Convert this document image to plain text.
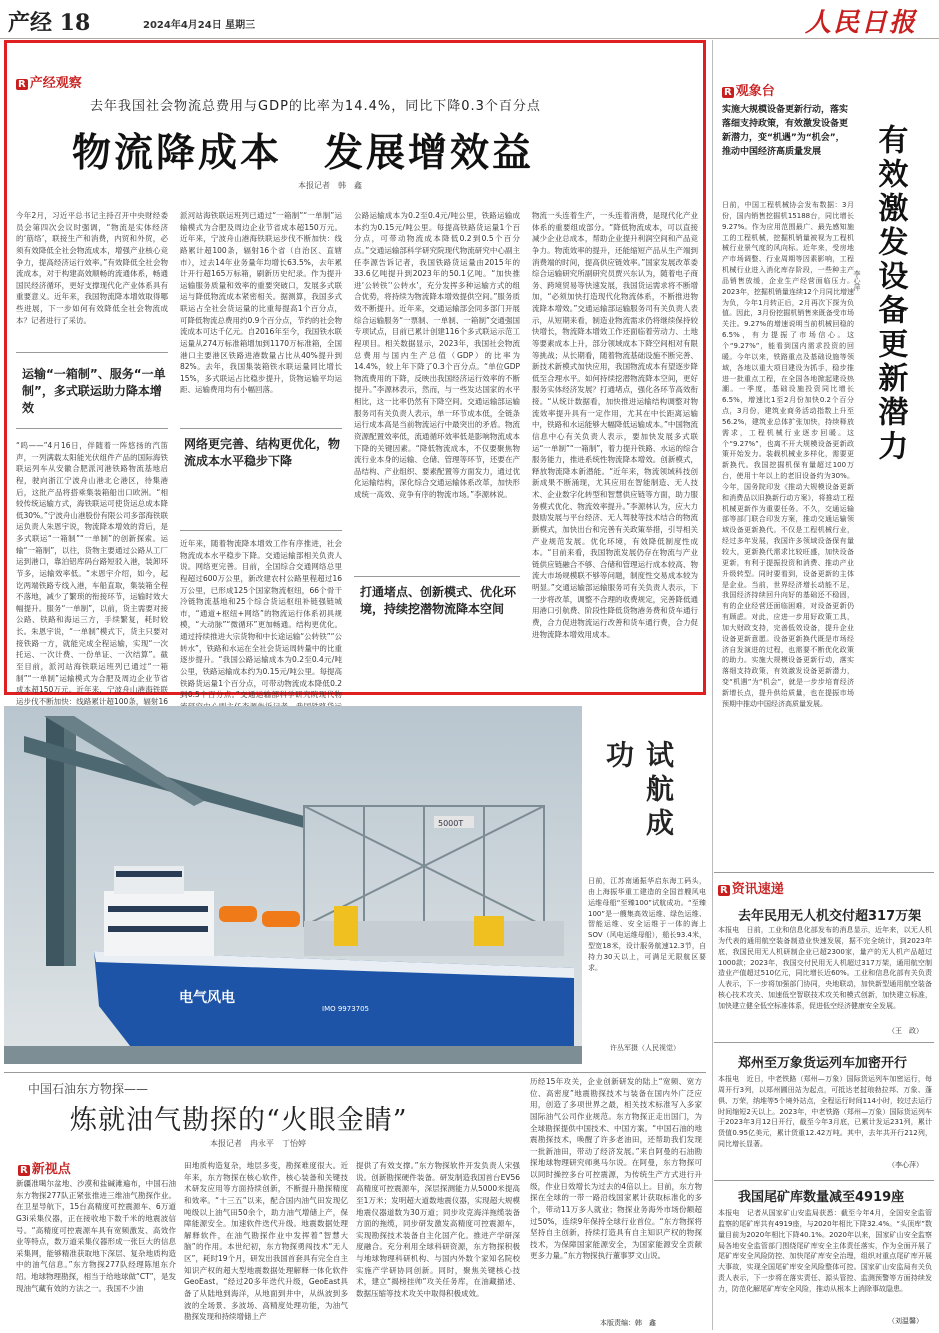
产经 18	2024年4月24日 星期三	人民日报
R 产经观察
去年我国社会物流总费用与GDP的比率为14.4%，同比下降0.3个百分点
物流降成本　发展增效益
本报记者　韩　鑫
今年2月，习近平总书记主持召开中央财经委员会第四次会议时强调，“物流是实体经济的‘筋络’，联接生产和消费，内贸和外贸，必须有效降低全社会物流成本，增强产业核心竞争力，提高经济运行效率。”有效降低全社会物流成本，对于构建高效顺畅的流通体系，畅通国民经济循环，更好支撑现代化产业体系具有重要意义。近年来，我国物流降本增效取得哪些进展，下一步如何有效降低全社会物流成本？记者进行了采访。
运输“一箱制”、服务“一单制”，多式联运助力降本增效
“呜——”4月16日，伴随着一阵悠扬的汽笛声，一列满载太阳能光伏组件产品的国际海铁联运列车从安徽合肥派河港铁路物流基地启程，驶向浙江宁波舟山港北仑港区，待集港后，这批产品将搭乘集装箱船出口欧洲。“相较传统运输方式，海铁联运可使货运总成本降低30%。”宁波舟山港股份有限公司多部海铁联运负责人朱恩宇说，物流降本增效的背后，是多式联运“一箱制”“一单制”的创新探索。运输“一箱制”，以往，货物主要通过公路从工厂运到港口，靠泊铝库码台路短驳入港，装卸环节多，运输效率低。“未恩宇介绍，如今，起讫两端铁路专线入港，车船直取，集装箱全程不落地，减少了繁琐的衔接环节，运输时效大幅提升。服务“一单制”，以前，货主需要对接公路、铁路和海运三方，手续繁复，耗时较长。朱恩宇说，“一单制”模式下，货主只要对接铁路一方，就能完成全程运输，实现“一次托运、一次计费、一份单证、一次结算”。截至目前，派河站海铁联运班列已通过“一箱制”“一单制”运输模式为合肥及周边企业节省成本超150万元。近年来，宁波舟山港海铁联运步伐不断加快：线路累计超100条，辐射16
派河站海铁联运班列已通过“一箱制”“一单制”运输模式为合肥及周边企业节省成本超150万元。近年来，宁波舟山港海铁联运步伐不断加快：线路累计超100条，辐射16个省（自治区、直辖市），过去14年业务量年均增长63.5%，去年累计开行超165万标箱，刷新历史纪录。作为提升运输服务质量和效率的重要突破口，发展多式联运与降低物流成本紧密相关。据测算，我国多式联运占全社会货运量的比重每提高1个百分点，可降低物流总费用约0.9个百分点，节约的社会物流成本可达千亿元。自2016年至今，我国铁水联运量从274万标准箱增加到1170万标准箱，全国港口主要港区铁路进港数量占比从40%提升到82%。去年，我国集装箱铁水联运量同比增长15%，多式联运占比稳步提升，货物运输平均运距、运输费用均有小幅回落。
网络更完善、结构更优化，物流成本水平稳步下降
近年来，随着物流降本增效工作有序推进，社会物流成本水平稳步下降。交通运输部相关负责人说。网络更完善。目前，全国综合交通网络总里程超过600万公里，新改建农村公路里程超过16万公里，已形成125个国家物流枢纽，66个骨干冷链物流基地和25个综合货运枢纽补链强链城市，“通道+枢纽+网络”的物流运行体系初具规模，“大动脉”“微循环”更加畅通。结构更优化。通过持续推进大宗货物和中长途运输“公转铁”“公转水”，铁路和水运在全社会货运周转量中的比重逐步提升。“我国公路运输成本为0.2至0.4元/吨公里，铁路运输成本约为0.15元/吨公里。每提高铁路货运量1个百分点，可带动物流成本降低0.2到0.5个百分点。”交通运输部科学研究院现代物
公路运输成本为0.2至0.4元/吨公里，铁路运输成本约为0.15元/吨公里。每提高铁路货运量1个百分点，可带动物流成本降低0.2到0.5个百分点。”交通运输部科学研究院现代物流研究中心副主任李源告诉记者，我国铁路货运量由2015年的33.6亿吨提升到2023年的50.1亿吨。“加快推进‘公转铁’‘公转水’，充分发挥多种运输方式的组合优势，将持续为物流降本增效提供空间。”服务质效不断提升。近年来，交通运输部会同多部门开展综合运输服务“一票制、一单制、一箱制”交通强国专项试点，目前已累计创建116个多式联运示范工程项目。相关数据显示，2023年，我国社会物流总费用与国内生产总值（GDP）的比率为14.4%，较上年下降了0.3个百分点。“单位GDP物流费用的下降，反映出我国经济运行效率的不断提升。”李源林表示，然而，与一些发达国家的水平相比，这一比率仍然有下降空间。交通运输部运输服务司有关负责人表示，单一环节成本低，全链条运行成本高是当前物流运行中最突出的矛盾。物流资源配置效率低，流通循环效率低是影响物流成本下降的关键因素。“降低物流成本，不仅要聚焦物流行业本身的运输、仓储、管理等环节，还要在产品结构、产业组织、要素配置等方面发力，通过优化运输结构，深化综合交通运输体系改革，加快形成统一高效、竞争有序的物流市场。”李源林说。
打通堵点、创新模式、优化环境，持续挖潜物流降本空间
物流一头连着生产，一头连着消费，是现代化产业体系的重要组成部分。“降低物流成本，可以直接减少企业总成本，帮助企业提升利润空间和产品竞争力。物流效率的提升，还能缩短产品从生产端到消费端的时间，提高供应链效率。”国家发展改革委综合运输研究所副研究员贾兴东认为，随着电子商务、跨境贸易等快速发展，我国货运需求将不断增加，“必须加快打造现代化物流体系，不断推进物流降本增效。”交通运输部运输服务司有关负责人表示，从短期来看，制造业物流需求仍将继续保持较快增长，物流降本增效工作还面临着劳动力、土地等要素成本上升，部分领域成本下降空间相对有限等挑战；从长期看，随着物流基础设施不断完善、新技术新模式加快应用，我国物流成本有望逐步降低至合理水平。如何持续挖潜物流降本空间，更好服务实体经济发展？打通堵点，强化各环节高效衔接。“从统计数据看，加快推进运输结构调整对物流效率提升具有一定作用，尤其在中长距离运输中，铁路和水运能够大幅降低运输成本。”中国物流信息中心有关负责人表示，要加快发展多式联运“一单制”“一箱制”，着力提升铁路、水运的综合服务能力，推进系统性物流降本增效。创新模式，释放物流降本新潜能。“近年来，物流领域科技创新成果不断涌现，尤其应用在智能制造、无人技术、企业数字化转型和智慧供应链等方面，助力服务模式优化、物流效率提升。”李源林认为，应大力鼓励发展与平台经济、无人驾驶等技术结合的物流新模式，加快出台和完善有关政策举措，引导相关产业规范发展。优化环境，有效降低制度性成本。“目前来看，我国物流发展仍存在物流与产业链供应链融合不够、合储和管理运行成本较高、物流大市场规模联不够等问题，制度性交易成本较为明显。”交通运输部运输服务司有关负责人表示，下一步将改革，调整不合理的收费规定，完善降低通用港口引航费、阶段性降低货物港务费和货车通行费，合力促进物流运行改善和货车通行费，合力促进物流降本增效用成本。
R 观象台
实施大规模设备更新行动，落实落细支持政策，有效激发设备更新潜力，变“机遇”为“机会”，推动中国经济高质量发展	有效激发设备更新潜力
李心萍
日前，中国工程机械协会发布数据：3月份，国内销售挖掘机15188台，同比增长9.27%。作为应用范围最广、最先感知施工的工程机械，挖掘机销量被视为工程机械行业景气度的风向标。近年来，受房地产市场调整、行业周期等因素影响，工程机械行业进入消化库存阶段，一些种主产品销售放缓，企业生产经营面临压力。2023年，挖掘机销量连续12个月同比增速为负，今年1月转正后，2月再次下探为负值。因此，3月份挖掘机销售来既备受市场关注。9.27%的增速说明当前机械回稳的6.5%，有力提振了市场信心。这个“9.27%”，能看到国内需求投资的回暖。今年以来，铁路重点及基础设施等领域，各地以重大项目建设为抓手，稳步推进一批重点工程，在全国各地掀起建设热潮。一季度，基础设施投资同比增长6.5%，增速比1至2月份加快0.2个百分点，3月份，建筑业商务活动指数上升至56.2%，建筑业总体扩张加快，持续释放需求，工程机械行业逐步回暖。这个“9.27%”，也离不开大规模设备更新政策开始发力。装载机械业多样化，需要更新换代。我国挖掘机保有量超过100万台，使用十年以上的老旧设备约为30%。今年，国务院印发《推动大规模设备更新和消费品以旧换新行动方案》，将推动工程机械更新作为重要任务。不久，交通运输部等部门联合印发方案，推动交通运输领域设备更新换代。不仅是工程机械行业，经过多年发展，我国许多领域设备保有量较大，更新换代需求比较旺盛，加快设备更新，有利于提振投资和消费、推动产业升级转型。同时要看到，设备更新的主体是企业。当前，世界经济增长动能不足，我国经济持续回升向好的基础还不稳固，有的企业经营还面临困难，对设备更新仍有顾虑。对此，应进一步用好政策工具，加大财政支持，完善低效设备，提升企业设备更新意愿。设备更新换代既是市场经济自发演进的过程，也需要不断优化政策的助力。实施大规模设备更新行动，落实落细支持政策，有效激发设备更新潜力，变“机遇”为“机会”，就是一步步培育经济新增长点，提升供给质量，也在提振市场预期中推动中国经济高质量发展。
5000T
电气风电
IMO 9973705
试航成功
日前，江苏南通振华启东海工码头，由上海振华重工建造的全国首艘风电运维母船“至臻100”试航成功。“至臻100”是一艘集高效运维、绿色运维、智能运维、安全运维于一体的海上SOV（风电运维母船），船长93.4米，型宽18米，设计服务航速12.3节，自持力30天以上，可满足无限航区要求。
许丛军摄（人民视觉）
R 资讯速递
去年民用无人机交付超317万架
本报电　日前，工业和信息化部发布的消息显示，近年来，以无人机为代表的通用航空装备制造业快速发展，据不完全统计，到2023年底，我国民用无人机研制企业已超2300家，量产的无人机产品超过1000款；2023年，我国交付民用无人机超过317万架，通用航空制造业产值超过510亿元，同比增长近60%。工业和信息化部有关负责人表示，下一步将加强部门协同，央地联动，加快新型通用航空装备核心技术攻关、加速低空智联技术攻关和模式创新，加快建立标准，加快建立健全低空标准体系，促进低空经济健康安全发展。
（王　政）
郑州至万象货运列车加密开行
本报电　近日，中老铁路（郑州—万象）国际货运列车加密运行，每周开行3列，以郑州圃田站为起点，可抵达老挝琅勃拉邦、万象、蓬俱、万荣，纳堆等5个境外站点，全程运行时间114小时，较过去运行时间缩短2天以上。2023年，中老铁路（郑州—万象）国际货运列车于2023年3月12日开行，截至今年3月底，已累计发运231列，累计货值0.95亿美元，累计货重12.42万吨。其中，去年共开行212列，同比增长显著。
（李心萍）
我国尾矿库数量减至4919座
本报电　记者从国家矿山安监局获悉：截至今年4月，全国安全监管监察的尾矿库共有4919座，与2020年相比下降32.4%。“头顶库”数量目前为2020年相比下降40.1%。2020年以来，国家矿山安全监察局各地安全监管部门围绕尾矿库安全主体责任落实，作为全面开展了尾矿库安全风险防控、加快尾矿库安全治理，组织对重点尾矿库开展大事故，实现全国尾矿库安全风险整体可控。国家矿山安监局有关负责人表示，下一步将在落实责任、源头管控、监测预警等方面持续发力，防范化解尾矿库安全风险，推动从根本上消除事故隐患。
（刘温馨）
中国石油东方物探——
炼就油气勘探的“火眼金睛”
本报记者　冉永平　丁怡婷
R 新视点
新疆准噶尔盆地、沙漠和盐碱滩遍布，中国石油东方物探277队正紧张推进三维油气勘探作业。在卫星导航下，15台高精度可控震源车、6万道G3i采集仪器，正在接收地下数千米的地震波信号。“高精度可控震源车具有宽频激发、高效作业等特点，数万道采集仪器形成一张巨大的信息采集网，能够精准获取地下深层、复杂地质构造中的油气信息。”东方物探277队经理陈旭东介绍。地球物理勘探，相当于给地球做“CT”，是发现油气藏有效的方法之一。我国不少油
田地质构造复杂，地层多变，勘探难度很大。近年来，东方物探在核心软件，核心装备和关键技术研发应用等方面持续创新，不断提升勘探精度和效率。“十三五”以来，配合国内油气田发现亿吨级以上油气田50余个，助力油气增储上产，保障能源安全。加速软件迭代升级。地震数据处理解释软件，在油气勘探作业中发挥着“智慧大脑”的作用。本世纪初，东方物探勇闯技术“无人区”，耗时19个月，研发出我国首套具有完全自主知识产权的超大型地震数据处理解释一体化软件GeoEast。“经过20多年迭代升级，GeoEast具备了从陆地到海洋，从地面到井中，从纵波到多波的全场景、多波场、高精度处理功能，为油气勘探发现和持续增储上产
提供了有效支撑。”东方物探软件开发负责人宋强说。创新勘探硬件装备。研发制造我国首台EV56高精度可控震源车，深层探测能力从5000米提高至1万米；发明超大道数地震仪器，实现超大规模地震仪器道数为30万道；同步攻克海洋拖缆装备方面的拖缆，同步研发激发高精度可控震源车，实现勘探技术装备自主化国产化。推进产学研深度融合。充分利用全球科研资源，东方物探积极与地球物理科研机构、与国内外数个家知名院校实施产学研协同创新。同时，聚焦关键核心技术，建立“揭榜挂帅”攻关任务库，在油藏描述、数据压缩等技术攻关中取得积极成效。
历经15年攻关，企业创新研发的陆上“宽频、宽方位、高密度”地震勘探技术与装备在国内外广泛应用，创造了多项世界之最，相关技术标准写入多家国际油气公司作业规范。东方物探正走出国门，为全球勘探提供中国技术、中国方案。“中国石油的地震勘探技术，唤醒了许多老油田，还帮助我们发现一批新油田，带动了经济发展。”来自阿曼的石油勘探地球物理研究师奥马尔说。在阿曼，东方物探可以同时操控多台可控震源，为传统生产方式进行升级，作业日效增长为过去的4倍以上。目前，东方物探在全球的一带一路沿线国家累计获取标准化的多个，带动11万多人就业；物探业务海外市场份额超过50%，连续9年保持全球行业首位。“东方物探将坚持自主创新，持续打造具有自主知识产权的物探技术，为保障国家能源安全，为国家能源安全贡献更多力量。”东方物探执行董事罗文山说。
本版责编：韩　鑫
